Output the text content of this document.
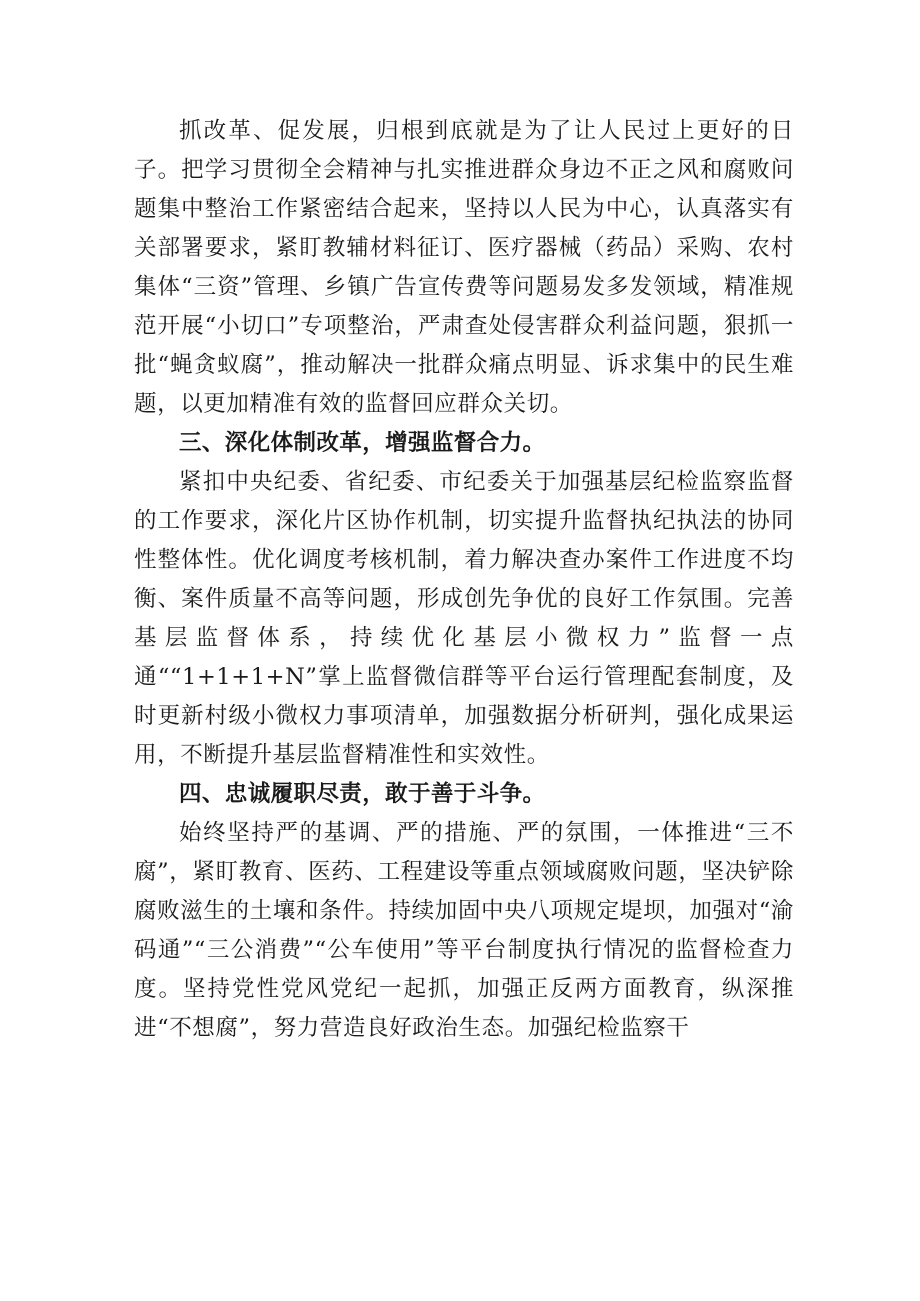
抓改革、促发展，归根到底就是为了让人民过上更好的日子。把学习贯彻全会精神与扎实推进群众身边不正之风和腐败问题集中整治工作紧密结合起来，坚持以人民为中心，认真落实有关部署要求，紧盯教辅材料征订、医疗器械（药品）采购、农村集体“三资”管理、乡镇广告宣传费等问题易发多发领域，精准规范开展“小切口”专项整治，严肃查处侵害群众利益问题，狠抓一批“蝇贪蚁腐”，推动解决一批群众痛点明显、诉求集中的民生难题，以更加精准有效的监督回应群众关切。

三、深化体制改革，增强监督合力。

紧扣中央纪委、省纪委、市纪委关于加强基层纪检监察监督的工作要求，深化片区协作机制，切实提升监督执纪执法的协同性整体性。优化调度考核机制，着力解决查办案件工作进度不均衡、案件质量不高等问题，形成创先争优的良好工作氛围。完善基层监督体系，持续优化基层小微权力”监督一点通““1+1+1+N”掌上监督微信群等平台运行管理配套制度，及时更新村级小微权力事项清单，加强数据分析研判，强化成果运用，不断提升基层监督精准性和实效性。

四、忠诚履职尽责，敢于善于斗争。

始终坚持严的基调、严的措施、严的氛围，一体推进“三不腐”，紧盯教育、医药、工程建设等重点领域腐败问题，坚决铲除腐败滋生的土壤和条件。持续加固中央八项规定堤坝，加强对“渝码通”“三公消费”“公车使用”等平台制度执行情况的监督检查力度。坚持党性党风党纪一起抓，加强正反两方面教育，纵深推进“不想腐”，努力营造良好政治生态。加强纪检监察干
